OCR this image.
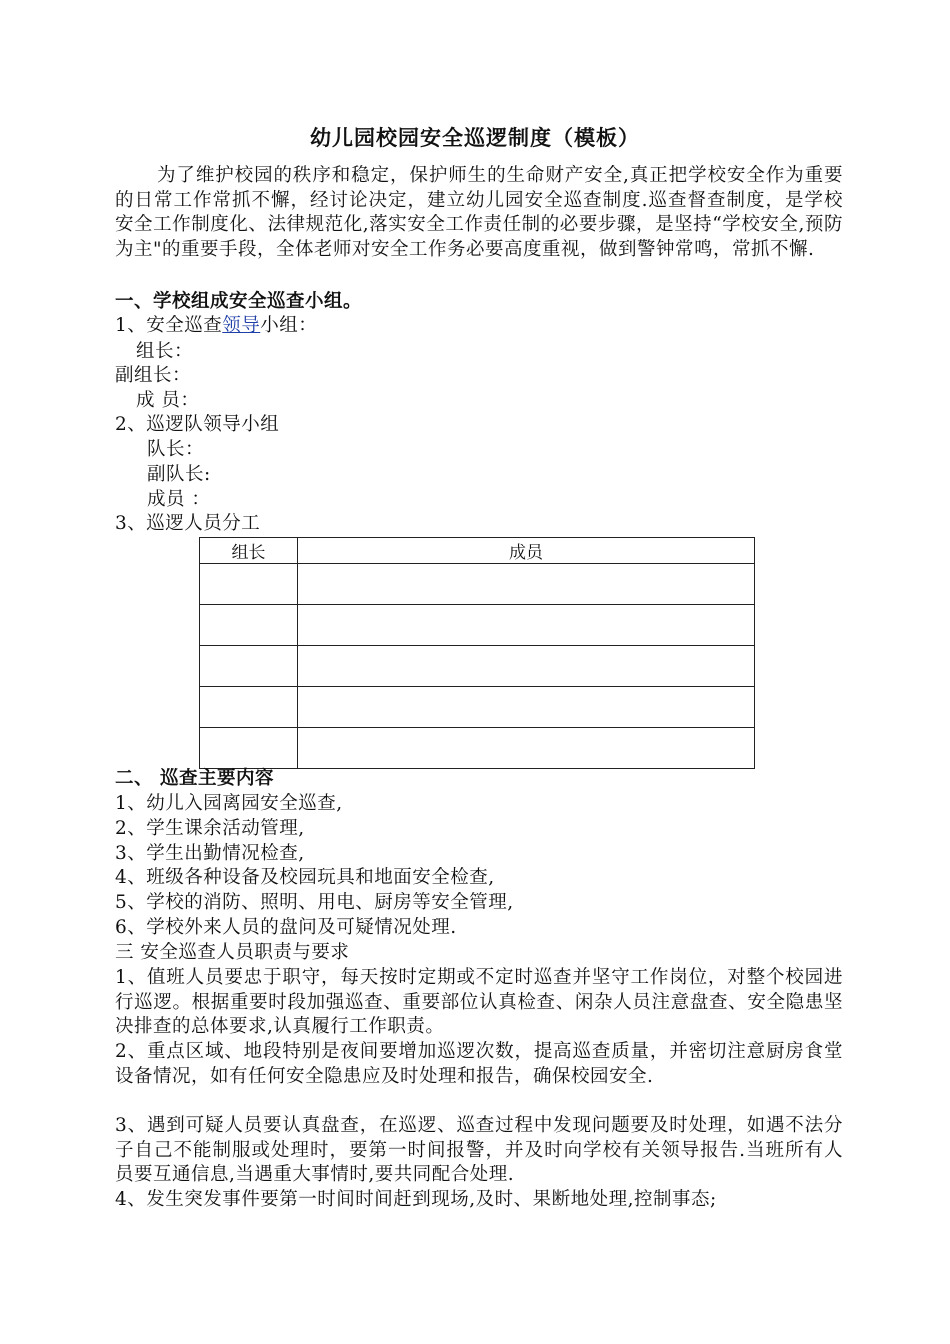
幼儿园校园安全巡逻制度（模板）

为了维护校园的秩序和稳定，保护师生的生命财产安全,真正把学校安全作为重要的日常工作常抓不懈，经讨论决定，建立幼儿园安全巡查制度.巡查督查制度，是学校安全工作制度化、法律规范化,落实安全工作责任制的必要步骤，是坚持“学校安全,预防为主"的重要手段，全体老师对安全工作务必要高度重视，做到警钟常鸣，常抓不懈.

一、学校组成安全巡查小组。
1、安全巡查领导小组：
组长：
副组长：
成 员：
2、巡逻队领导小组
队长：
副队长:
成员 ：
3、巡逻人员分工
组长	成员

二、 巡查主要内容
1、幼儿入园离园安全巡查,
2、学生课余活动管理,
3、学生出勤情况检查,
4、班级各种设备及校园玩具和地面安全检查,
5、学校的消防、照明、用电、厨房等安全管理,
6、学校外来人员的盘问及可疑情况处理.
三 安全巡查人员职责与要求

1、值班人员要忠于职守，每天按时定期或不定时巡查并坚守工作岗位，对整个校园进行巡逻。根据重要时段加强巡查、重要部位认真检查、闲杂人员注意盘查、安全隐患坚决排查的总体要求,认真履行工作职责。

2、重点区域、地段特别是夜间要增加巡逻次数，提高巡查质量，并密切注意厨房食堂设备情况，如有任何安全隐患应及时处理和报告，确保校园安全.

3、遇到可疑人员要认真盘查，在巡逻、巡查过程中发现问题要及时处理，如遇不法分子自己不能制服或处理时，要第一时间报警，并及时向学校有关领导报告.当班所有人员要互通信息,当遇重大事情时,要共同配合处理.

4、发生突发事件要第一时间时间赶到现场,及时、果断地处理,控制事态;
